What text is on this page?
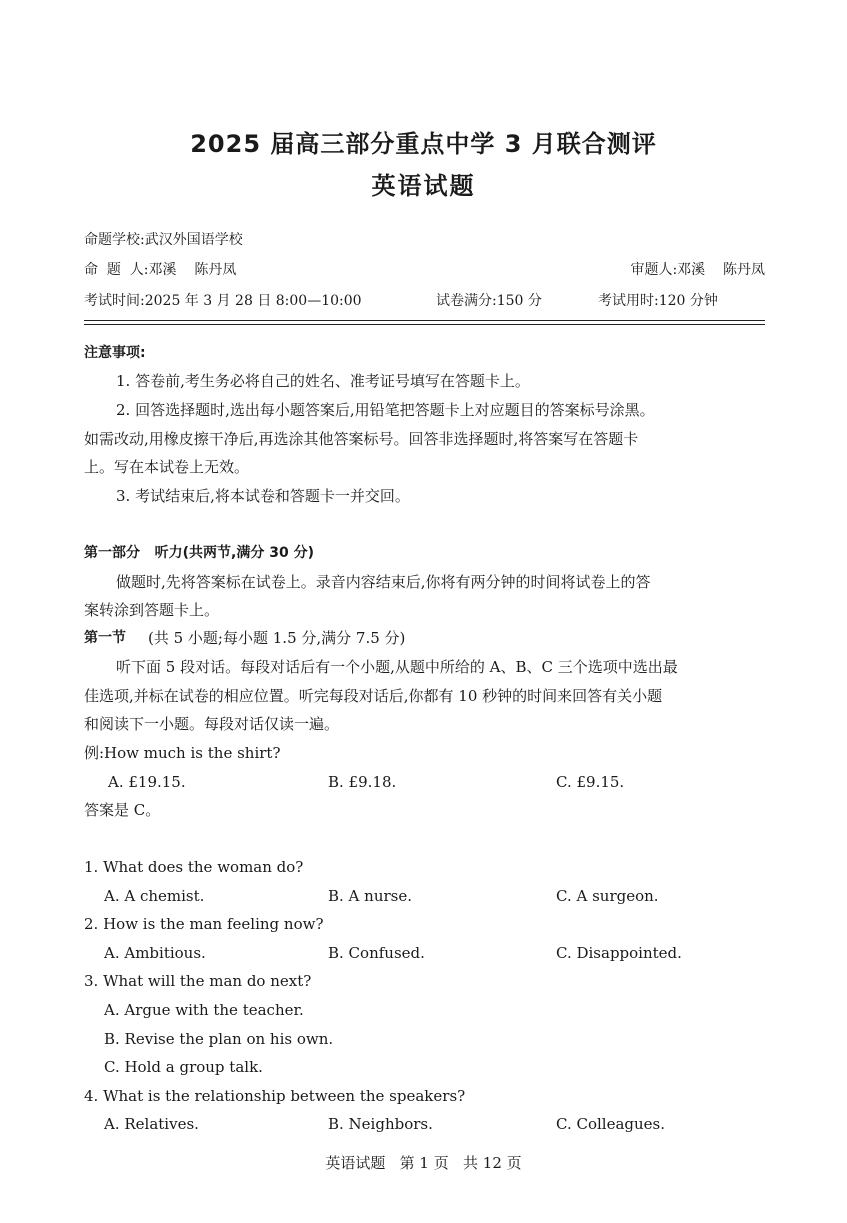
2025 届高三部分重点中学 3 月联合测评
英语试题
命题学校:武汉外国语学校
命  题  人:邓溪    陈丹凤	审题人:邓溪    陈丹凤
考试时间:2025 年 3 月 28 日 8:00—10:00	试卷满分:150 分	考试用时:120 分钟
注意事项:
1. 答卷前,考生务必将自己的姓名、准考证号填写在答题卡上。
2. 回答选择题时,选出每小题答案后,用铅笔把答题卡上对应题目的答案标号涂黑。
如需改动,用橡皮擦干净后,再选涂其他答案标号。回答非选择题时,将答案写在答题卡
上。写在本试卷上无效。
3. 考试结束后,将本试卷和答题卡一并交回。
第一部分   听力(共两节,满分 30 分)
做题时,先将答案标在试卷上。录音内容结束后,你将有两分钟的时间将试卷上的答
案转涂到答题卡上。
第一节 (共 5 小题;每小题 1.5 分,满分 7.5 分)
听下面 5 段对话。每段对话后有一个小题,从题中所给的 A、B、C 三个选项中选出最
佳选项,并标在试卷的相应位置。听完每段对话后,你都有 10 秒钟的时间来回答有关小题
和阅读下一小题。每段对话仅读一遍。
例:How much is the shirt?
A. £19.15.	B. £9.18.	C. £9.15.
答案是 C。
1. What does the woman do?
A. A chemist.	B. A nurse.	C. A surgeon.
2. How is the man feeling now?
A. Ambitious.	B. Confused.	C. Disappointed.
3. What will the man do next?
A. Argue with the teacher.
B. Revise the plan on his own.
C. Hold a group talk.
4. What is the relationship between the speakers?
A. Relatives.	B. Neighbors.	C. Colleagues.
英语试题   第 1 页   共 12 页
